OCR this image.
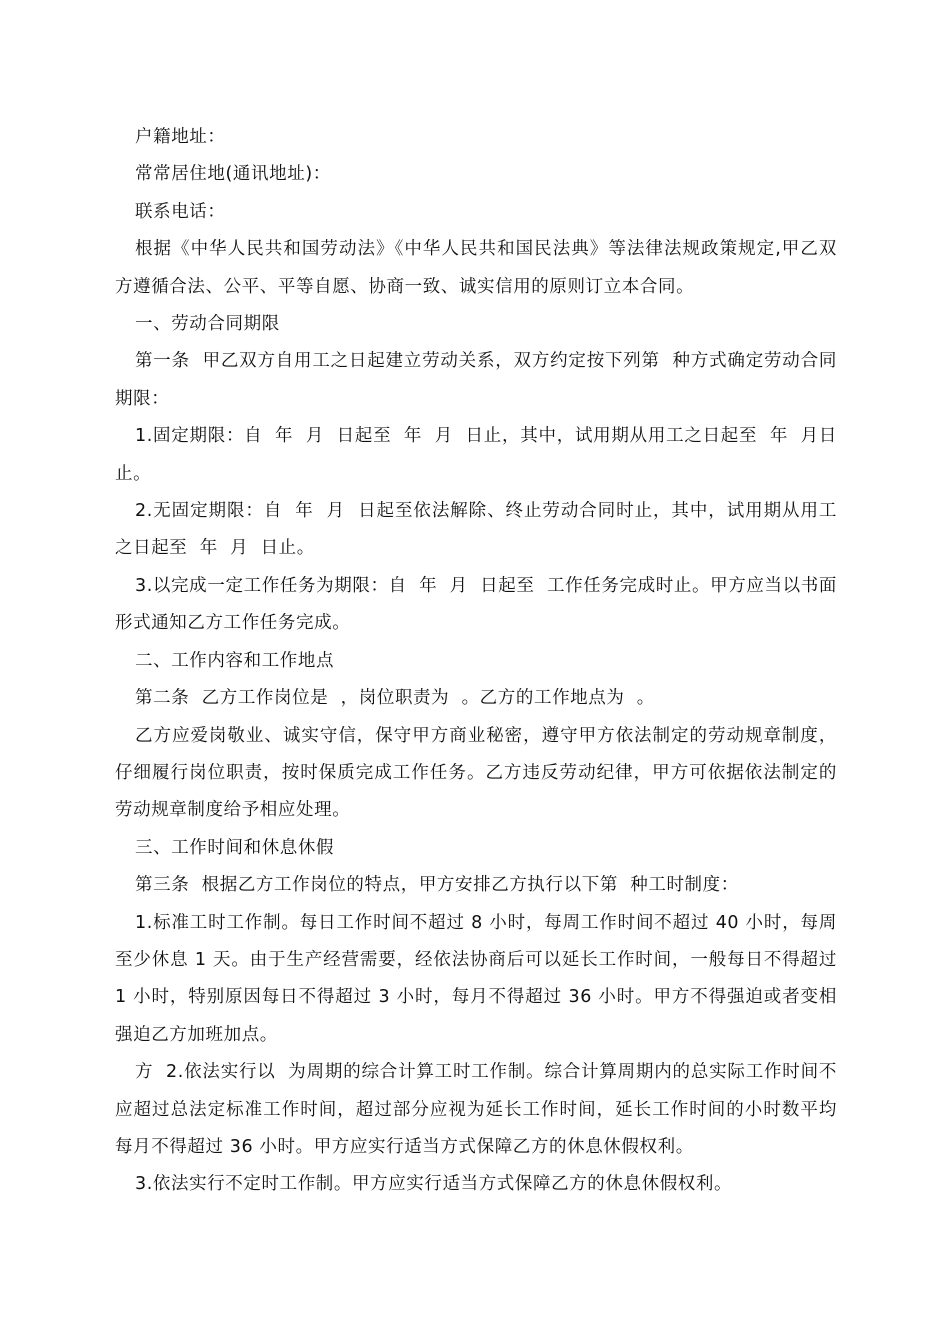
户籍地址：

常常居住地(通讯地址)：

联系电话：

根据《中华人民共和国劳动法》《中华人民共和国民法典》等法律法规政策规定,甲乙双方遵循合法、公平、平等自愿、协商一致、诚实信用的原则订立本合同。

一、劳动合同期限

第一条  甲乙双方自用工之日起建立劳动关系，双方约定按下列第  种方式确定劳动合同期限：

1.固定期限：自  年  月  日起至  年  月  日止，其中，试用期从用工之日起至  年  月日止。

2.无固定期限：自  年  月  日起至依法解除、终止劳动合同时止，其中，试用期从用工之日起至  年  月  日止。

3.以完成一定工作任务为期限：自  年  月  日起至  工作任务完成时止。甲方应当以书面形式通知乙方工作任务完成。

二、工作内容和工作地点

第二条  乙方工作岗位是  ，岗位职责为  。乙方的工作地点为  。

乙方应爱岗敬业、诚实守信，保守甲方商业秘密，遵守甲方依法制定的劳动规章制度，仔细履行岗位职责，按时保质完成工作任务。乙方违反劳动纪律，甲方可依据依法制定的劳动规章制度给予相应处理。

三、工作时间和休息休假

第三条  根据乙方工作岗位的特点，甲方安排乙方执行以下第  种工时制度：

1.标准工时工作制。每日工作时间不超过 8 小时，每周工作时间不超过 40 小时，每周至少休息 1 天。由于生产经营需要，经依法协商后可以延长工作时间，一般每日不得超过 1 小时，特别原因每日不得超过 3 小时，每月不得超过 36 小时。甲方不得强迫或者变相强迫乙方加班加点。

方  2.依法实行以  为周期的综合计算工时工作制。综合计算周期内的总实际工作时间不应超过总法定标准工作时间，超过部分应视为延长工作时间，延长工作时间的小时数平均每月不得超过 36 小时。甲方应实行适当方式保障乙方的休息休假权利。

3.依法实行不定时工作制。甲方应实行适当方式保障乙方的休息休假权利。
